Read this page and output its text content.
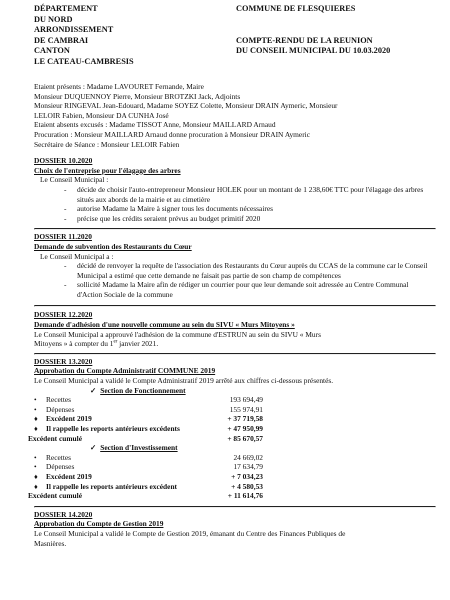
DÉPARTEMENT
DU NORD
ARRONDISSEMENT
DE CAMBRAI
CANTON
LE CATEAU-CAMBRESIS
COMMUNE DE FLESQUIERES
COMPTE-RENDU DE LA REUNION
DU CONSEIL MUNICIPAL DU 10.03.2020

Etaient présents : Madame LAVOURET Fernande, Maire

Monsieur DUQUENNOY Pierre, Monsieur BROTZKI Jack, Adjoints

Monsieur RINGEVAL Jean-Edouard, Madame SOYEZ Colette, Monsieur DRAIN Aymeric, Monsieur

LELOIR Fabien, Monsieur DA CUNHA José

Etaient absents excusés : Madame TISSOT Anne, Monsieur MAILLARD Arnaud

Procuration : Monsieur MAILLARD Arnaud donne procuration à Monsieur DRAIN Aymeric

Secrétaire de Séance : Monsieur LELOIR Fabien

DOSSIER 10.2020

Choix de l'entreprise pour l'élagage des arbres

Le Conseil Municipal :

- décide de choisir l'auto-entrepreneur Monsieur HOLEK pour un montant de 1 238,60€ TTC pour l'élagage des arbres situés aux abords de la mairie et au cimetière
- autorise Madame la Maire à signer tous les documents nécessaires
- précise que les crédits seraient prévus au budget primitif 2020

DOSSIER 11.2020

Demande de subvention des Restaurants du Cœur

Le Conseil Municipal a :

- décidé de renvoyer la requête de l'association des Restaurants du Cœur auprès du CCAS de la commune car le Conseil Municipal a estimé que cette demande ne faisait pas partie de son champ de compétences
- sollicité Madame la Maire afin de rédiger un courrier pour que leur demande soit adressée au Centre Communal d'Action Sociale de la commune

DOSSIER 12.2020

Demande d'adhésion d'une nouvelle commune au sein du SIVU « Murs Mitoyens »

Le Conseil Municipal a approuvé l'adhésion de la commune d'ESTRUN au sein du SIVU « Murs

Mitoyens » à compter du 1er janvier 2021.

DOSSIER 13.2020

Approbation du Compte Administratif COMMUNE 2019

Le Conseil Municipal a validé le Compte Administratif 2019 arrêté aux chiffres ci-dessous présentés.

✓ Section de Fonctionnement

• Recettes	193 694,49
• Dépenses	155 974,91
♦ Excédent 2019	+ 37 719,58
♦ Il rappelle les reports antérieurs excédents	+ 47 950,99
Excédent cumulé	+ 85 670,57

✓ Section d'Investissement

• Recettes	24 669,02
• Dépenses	17 634,79
♦ Excédent 2019	+ 7 034,23
♦ Il rappelle les reports antérieurs excédent	+ 4 580,53
Excédent cumulé	+ 11 614,76

DOSSIER 14.2020

Approbation du Compte de Gestion 2019

Le Conseil Municipal a validé le Compte de Gestion 2019, émanant du Centre des Finances Publiques de

Masnières.
